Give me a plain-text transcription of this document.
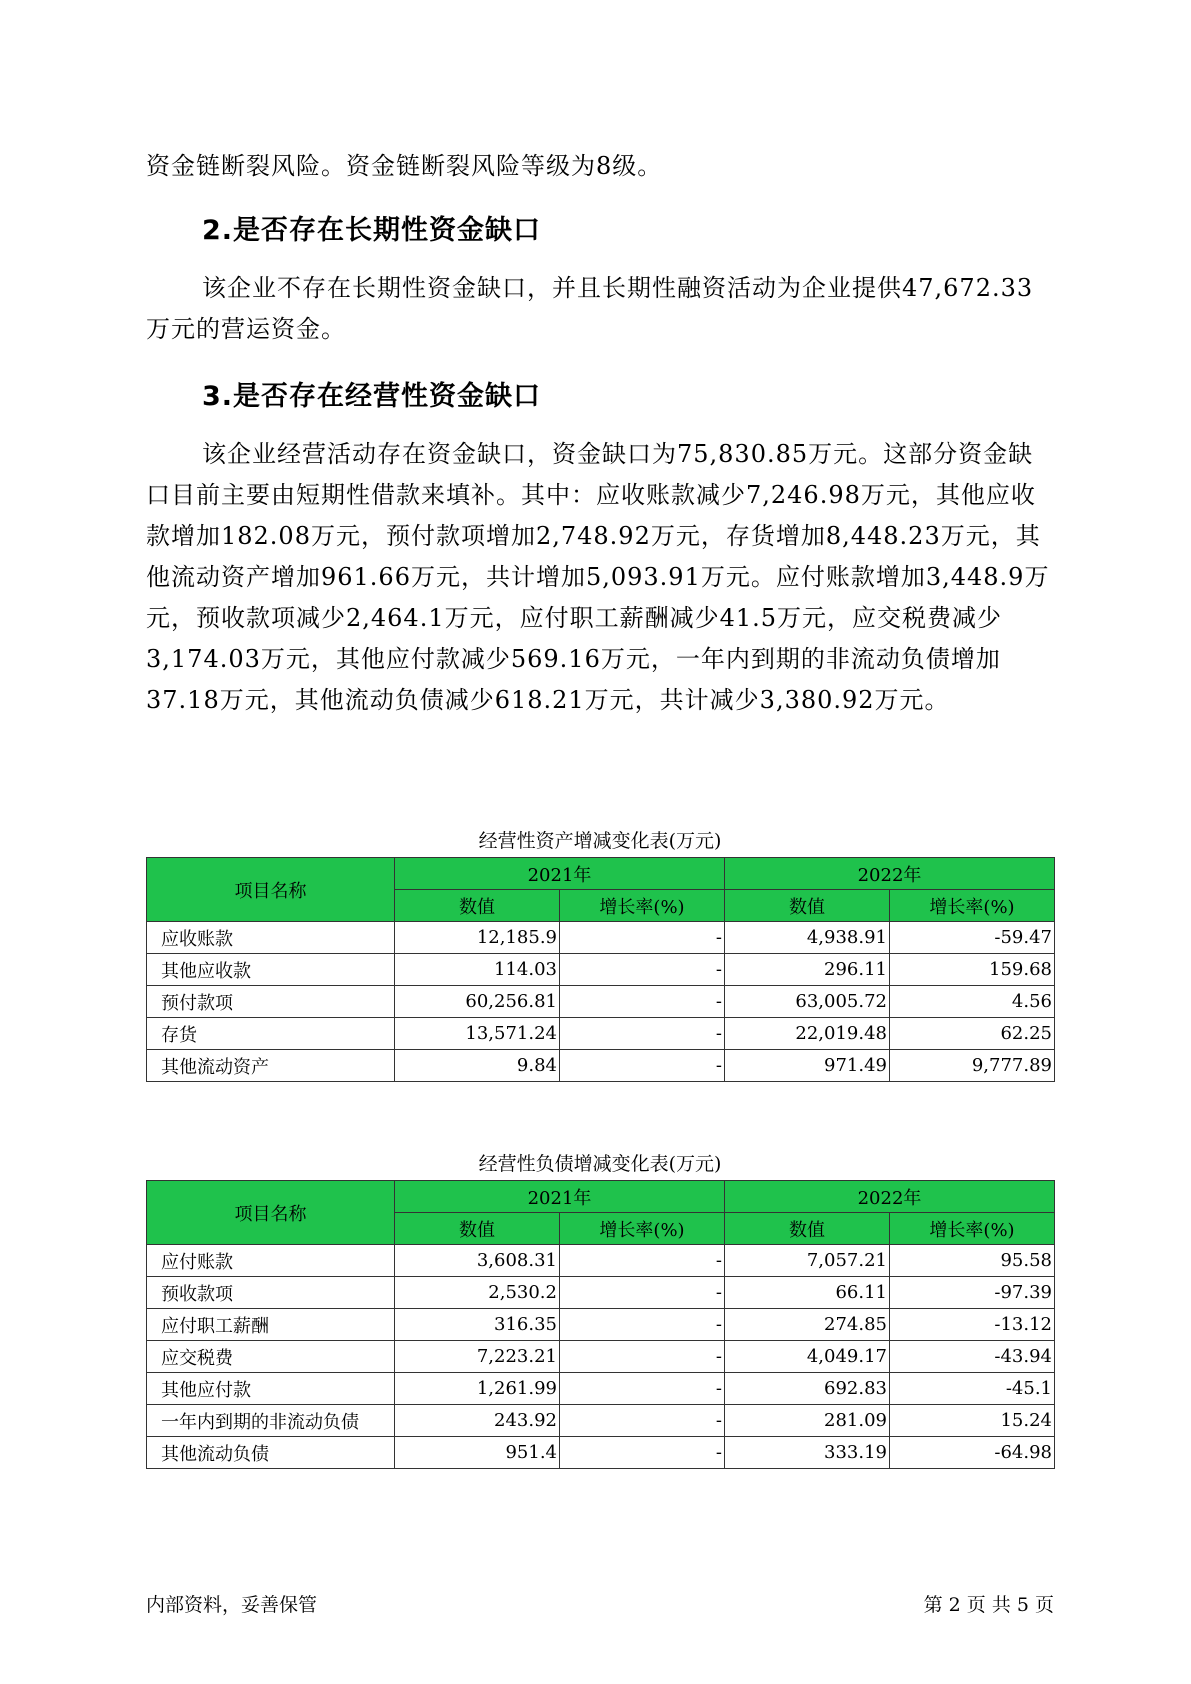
资金链断裂风险。资金链断裂风险等级为8级。

2.是否存在长期性资金缺口

该企业不存在长期性资金缺口，并且长期性融资活动为企业提供47,672.33万元的营运资金。

3.是否存在经营性资金缺口

该企业经营活动存在资金缺口，资金缺口为75,830.85万元。这部分资金缺口目前主要由短期性借款来填补。其中：应收账款减少7,246.98万元，其他应收款增加182.08万元，预付款项增加2,748.92万元，存货增加8,448.23万元，其他流动资产增加961.66万元，共计增加5,093.91万元。应付账款增加3,448.9万元，预收款项减少2,464.1万元，应付职工薪酬减少41.5万元，应交税费减少3,174.03万元，其他应付款减少569.16万元，一年内到期的非流动负债增加37.18万元，其他流动负债减少618.21万元，共计减少3,380.92万元。

经营性资产增减变化表(万元)

项目名称	2021年		2022年	
	数值	增长率(%)	数值	增长率(%)
应收账款	12,185.9	-	4,938.91	-59.47
其他应收款	114.03	-	296.11	159.68
预付款项	60,256.81	-	63,005.72	4.56
存货	13,571.24	-	22,019.48	62.25
其他流动资产	9.84	-	971.49	9,777.89

经营性负债增减变化表(万元)

项目名称	2021年		2022年	
	数值	增长率(%)	数值	增长率(%)
应付账款	3,608.31	-	7,057.21	95.58
预收款项	2,530.2	-	66.11	-97.39
应付职工薪酬	316.35	-	274.85	-13.12
应交税费	7,223.21	-	4,049.17	-43.94
其他应付款	1,261.99	-	692.83	-45.1
一年内到期的非流动负债	243.92	-	281.09	15.24
其他流动负债	951.4	-	333.19	-64.98
内部资料，妥善保管	第 2 页 共 5 页
